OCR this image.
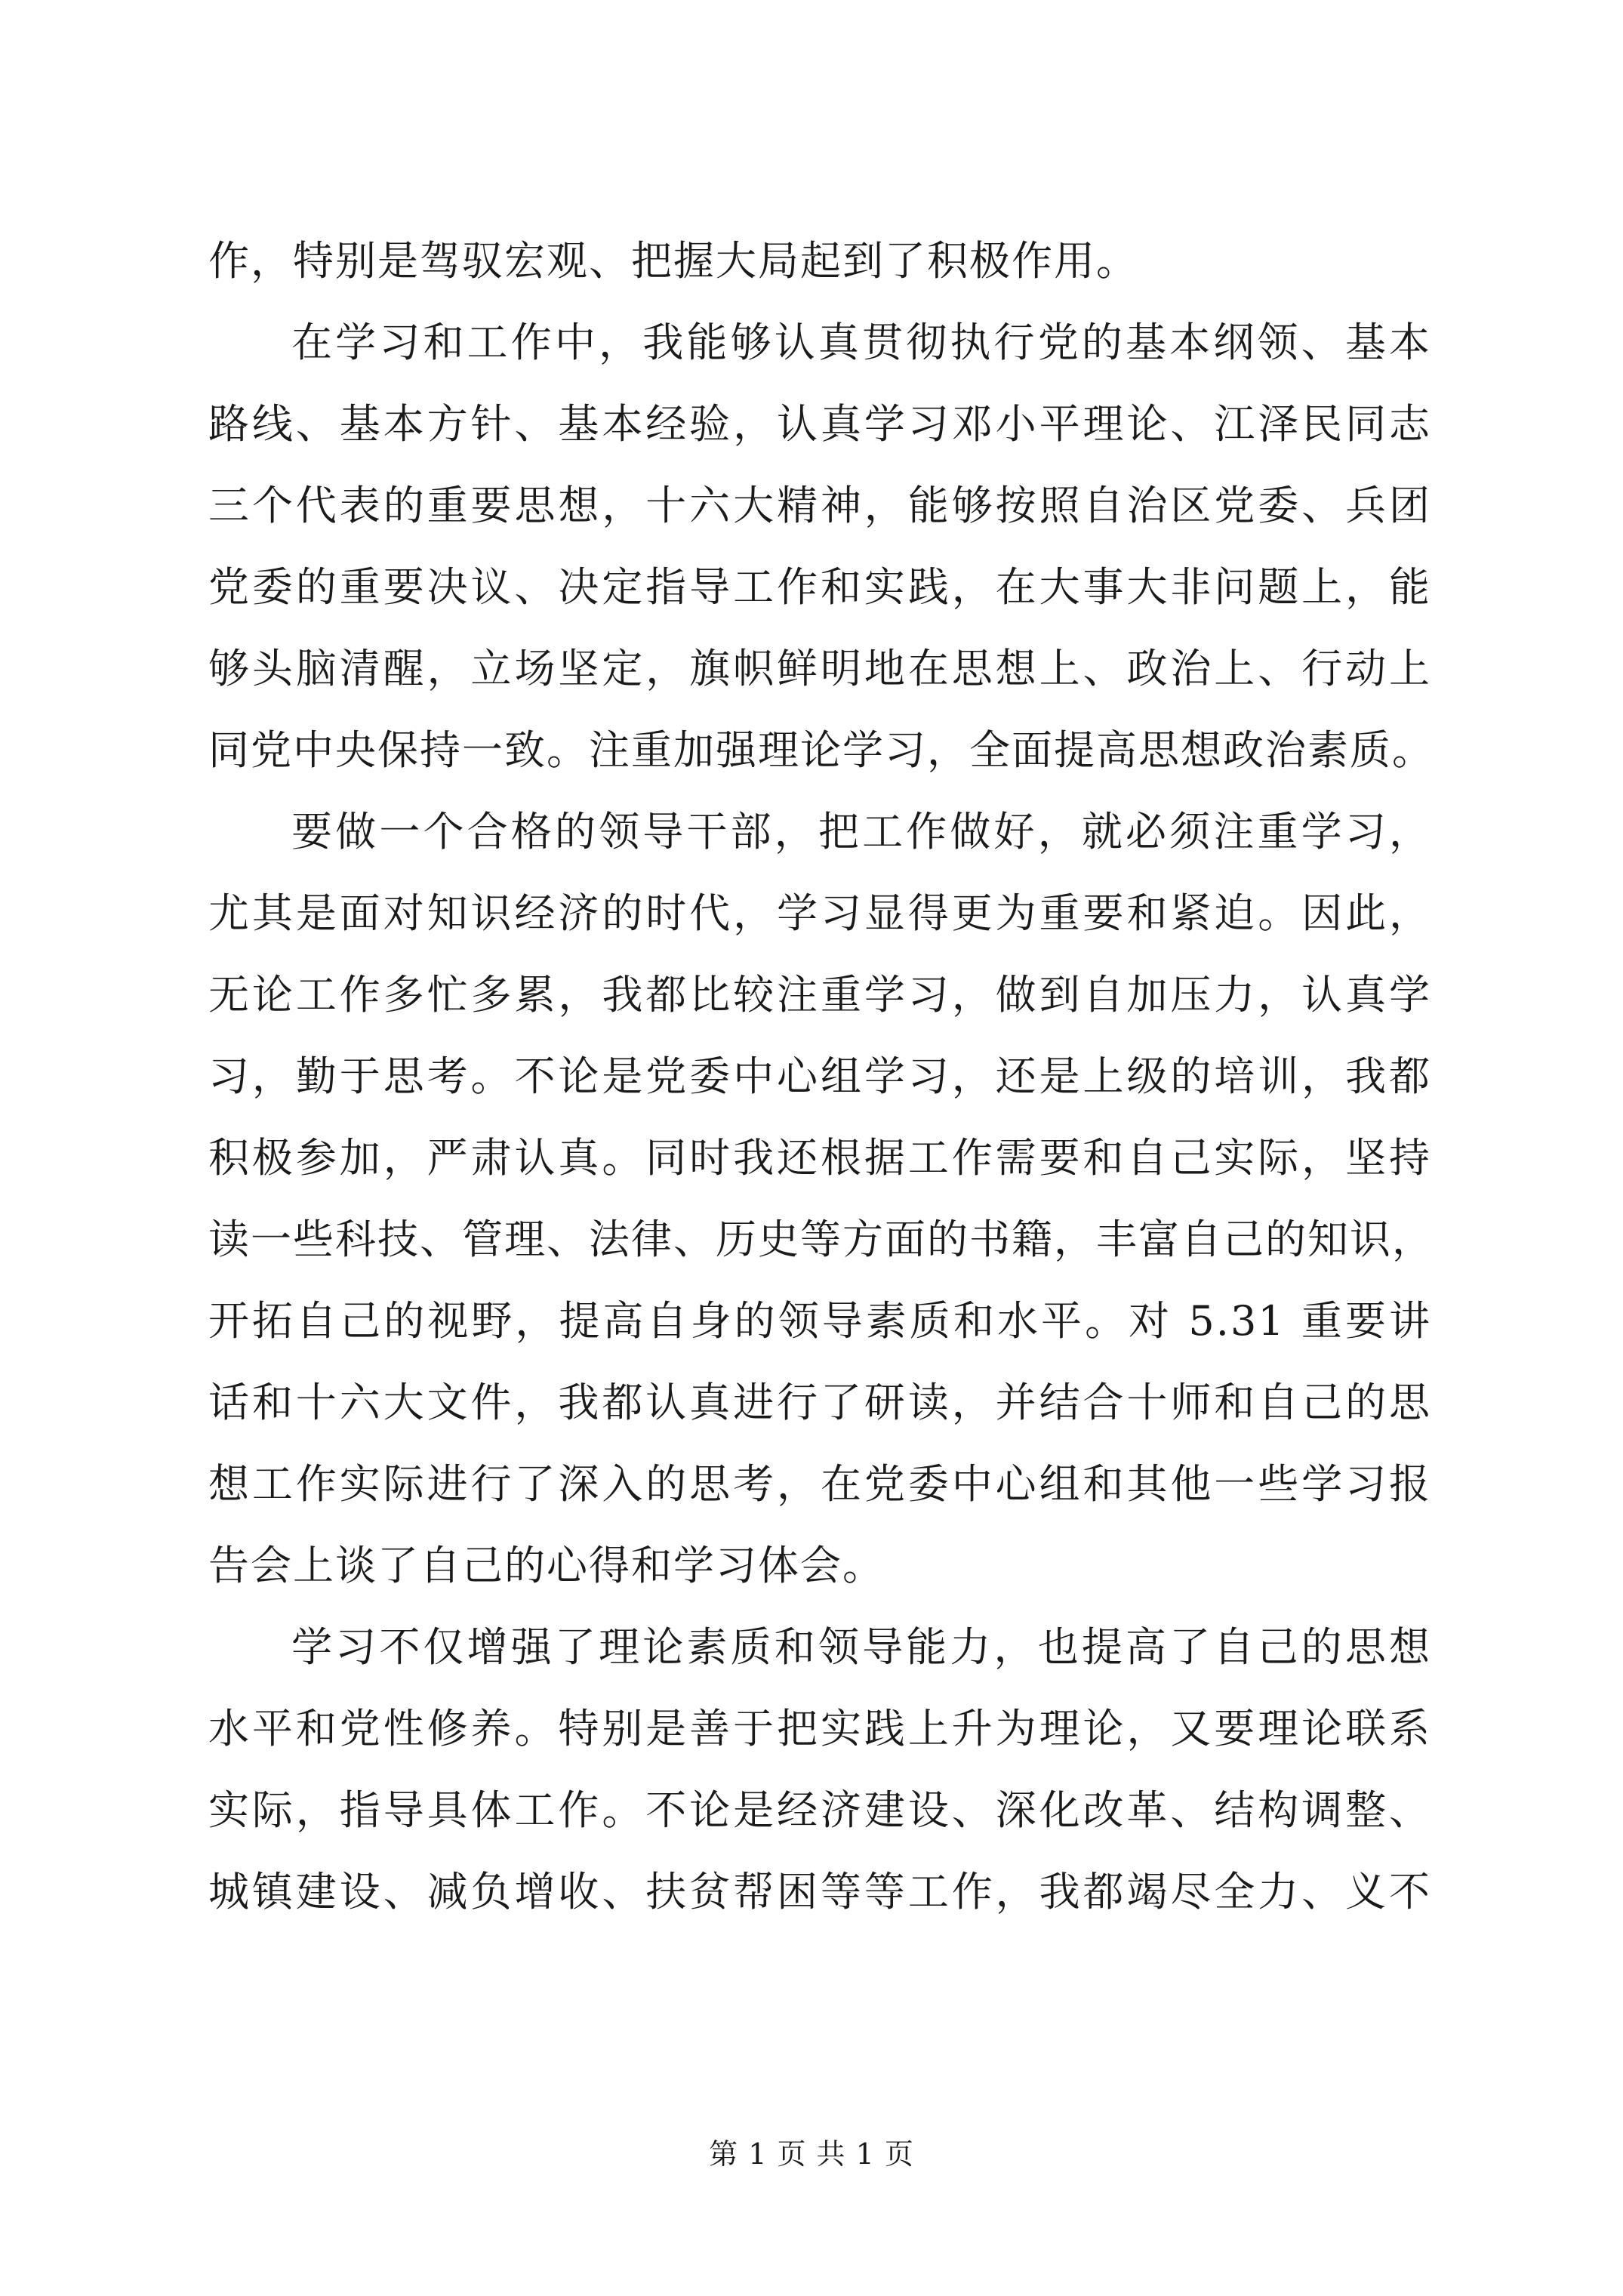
作，特别是驾驭宏观、把握大局起到了积极作用。
在学习和工作中，我能够认真贯彻执行党的基本纲领、基本
路线、基本方针、基本经验，认真学习邓小平理论、江泽民同志
三个代表的重要思想，十六大精神，能够按照自治区党委、兵团
党委的重要决议、决定指导工作和实践，在大事大非问题上，能
够头脑清醒，立场坚定，旗帜鲜明地在思想上、政治上、行动上
同党中央保持一致。注重加强理论学习，全面提高思想政治素质。
要做一个合格的领导干部，把工作做好，就必须注重学习，
尤其是面对知识经济的时代，学习显得更为重要和紧迫。因此，
无论工作多忙多累，我都比较注重学习，做到自加压力，认真学
习，勤于思考。不论是党委中心组学习，还是上级的培训，我都
积极参加，严肃认真。同时我还根据工作需要和自己实际，坚持
读一些科技、管理、法律、历史等方面的书籍，丰富自己的知识，
开拓自己的视野，提高自身的领导素质和水平。对 5.31 重要讲
话和十六大文件，我都认真进行了研读，并结合十师和自己的思
想工作实际进行了深入的思考，在党委中心组和其他一些学习报
告会上谈了自己的心得和学习体会。
学习不仅增强了理论素质和领导能力，也提高了自己的思想
水平和党性修养。特别是善于把实践上升为理论，又要理论联系
实际，指导具体工作。不论是经济建设、深化改革、结构调整、
城镇建设、减负增收、扶贫帮困等等工作，我都竭尽全力、义不
第 1 页 共 1 页
